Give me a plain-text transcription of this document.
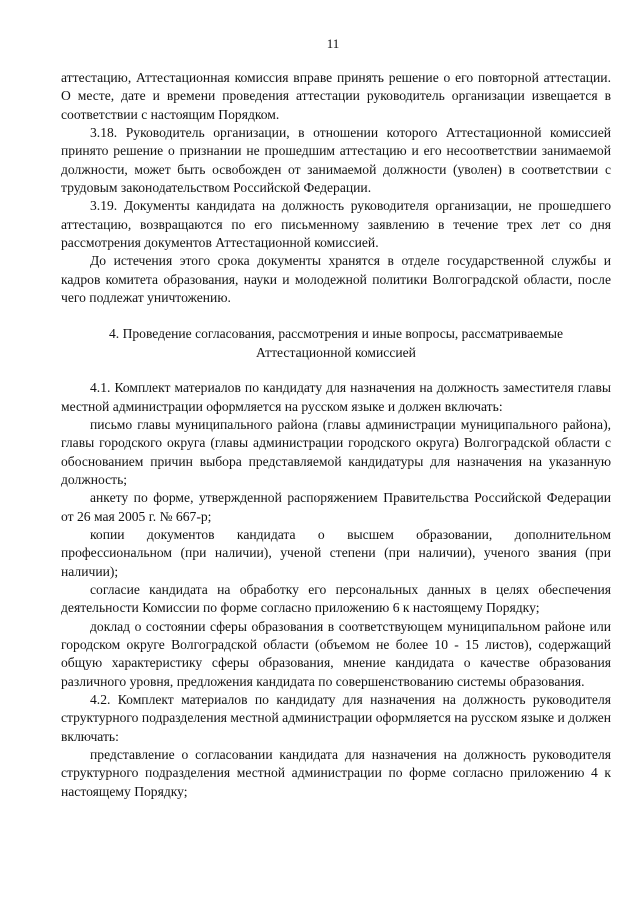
11

аттестацию, Аттестационная комиссия вправе принять решение о его повторной аттестации. О месте, дате и времени проведения аттестации руководитель организации извещается в соответствии с настоящим Порядком.

3.18. Руководитель организации, в отношении которого Аттестационной комиссией принято решение о признании не прошедшим аттестацию и его несоответствии занимаемой должности, может быть освобожден от занимаемой должности (уволен) в соответствии с трудовым законодательством Российской Федерации.

3.19. Документы кандидата на должность руководителя организации, не прошедшего аттестацию, возвращаются по его письменному заявлению в течение трех лет со дня рассмотрения документов Аттестационной комиссией.

До истечения этого срока документы хранятся в отделе государственной службы и кадров комитета образования, науки и молодежной политики Волгоградской области, после чего подлежат уничтожению.

4. Проведение согласования, рассмотрения и иные вопросы, рассматриваемые
Аттестационной комиссией

4.1. Комплект материалов по кандидату для назначения на должность заместителя главы местной администрации оформляется на русском языке и должен включать:

письмо главы муниципального района (главы администрации муниципального района), главы городского округа (главы администрации городского округа) Волгоградской области с обоснованием причин выбора представляемой кандидатуры для назначения на указанную должность;

анкету по форме, утвержденной распоряжением Правительства Российской Федерации от 26 мая 2005 г. № 667-р;

копии документов кандидата о высшем образовании, дополнительном профессиональном (при наличии), ученой степени (при наличии), ученого звания (при наличии);

согласие кандидата на обработку его персональных данных в целях обеспечения деятельности Комиссии по форме согласно приложению 6 к настоящему Порядку;

доклад о состоянии сферы образования в соответствующем муниципальном районе или городском округе Волгоградской области (объемом не более 10 - 15 листов), содержащий общую характеристику сферы образования, мнение кандидата о качестве образования различного уровня, предложения кандидата по совершенствованию системы образования.

4.2. Комплект материалов по кандидату для назначения на должность руководителя структурного подразделения местной администрации оформляется на русском языке и должен включать:

представление о согласовании кандидата для назначения на должность руководителя структурного подразделения местной администрации по форме согласно приложению 4 к настоящему Порядку;
